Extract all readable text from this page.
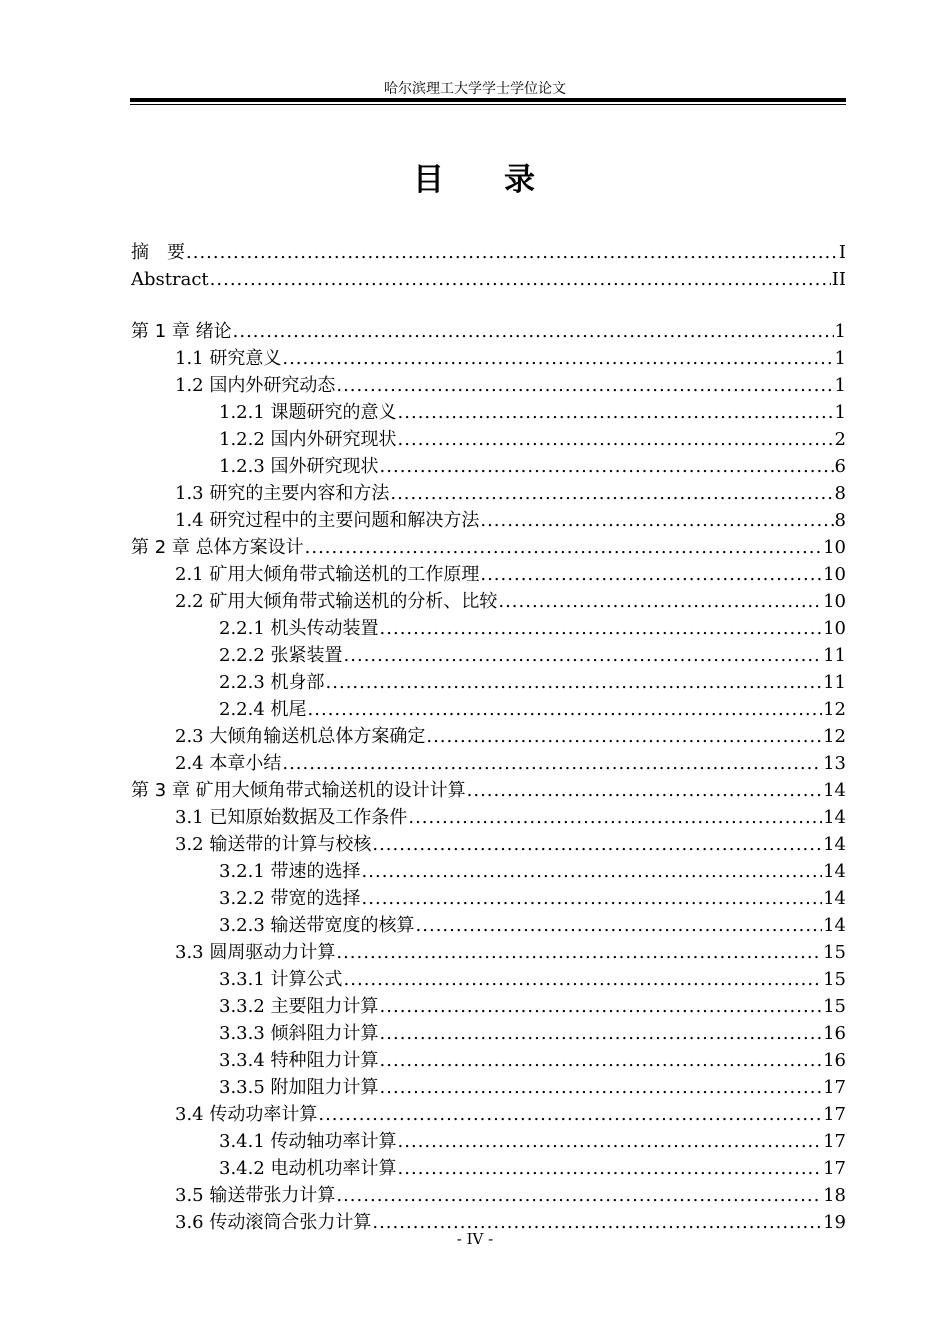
哈尔滨理工大学学士学位论文
目 录
摘　要 .....	I
Abstract .....	II
第 1 章 绪论 .....	1
1.1 研究意义 .....	1
1.2 国内外研究动态 .....	1
1.2.1 课题研究的意义 .....	1
1.2.2 国内外研究现状 .....	2
1.2.3 国外研究现状 .....	6
1.3 研究的主要内容和方法 .....	8
1.4 研究过程中的主要问题和解决方法 .....	8
第 2 章 总体方案设计 .....	10
2.1 矿用大倾角带式输送机的工作原理 .....	10
2.2 矿用大倾角带式输送机的分析、比较 .....	10
2.2.1 机头传动装置 .....	10
2.2.2 张紧装置 .....	11
2.2.3 机身部 .....	11
2.2.4 机尾 .....	12
2.3 大倾角输送机总体方案确定 .....	12
2.4 本章小结 .....	13
第 3 章 矿用大倾角带式输送机的设计计算 .....	14
3.1 已知原始数据及工作条件 .....	14
3.2 输送带的计算与校核 .....	14
3.2.1 带速的选择 .....	14
3.2.2 带宽的选择 .....	14
3.2.3 输送带宽度的核算 .....	14
3.3 圆周驱动力计算 .....	15
3.3.1 计算公式 .....	15
3.3.2 主要阻力计算 .....	15
3.3.3 倾斜阻力计算 .....	16
3.3.4 特种阻力计算 .....	16
3.3.5 附加阻力计算 .....	17
3.4 传动功率计算 .....	17
3.4.1 传动轴功率计算 .....	17
3.4.2 电动机功率计算 .....	17
3.5 输送带张力计算 .....	18
3.6 传动滚筒合张力计算 .....	19
- IV -
